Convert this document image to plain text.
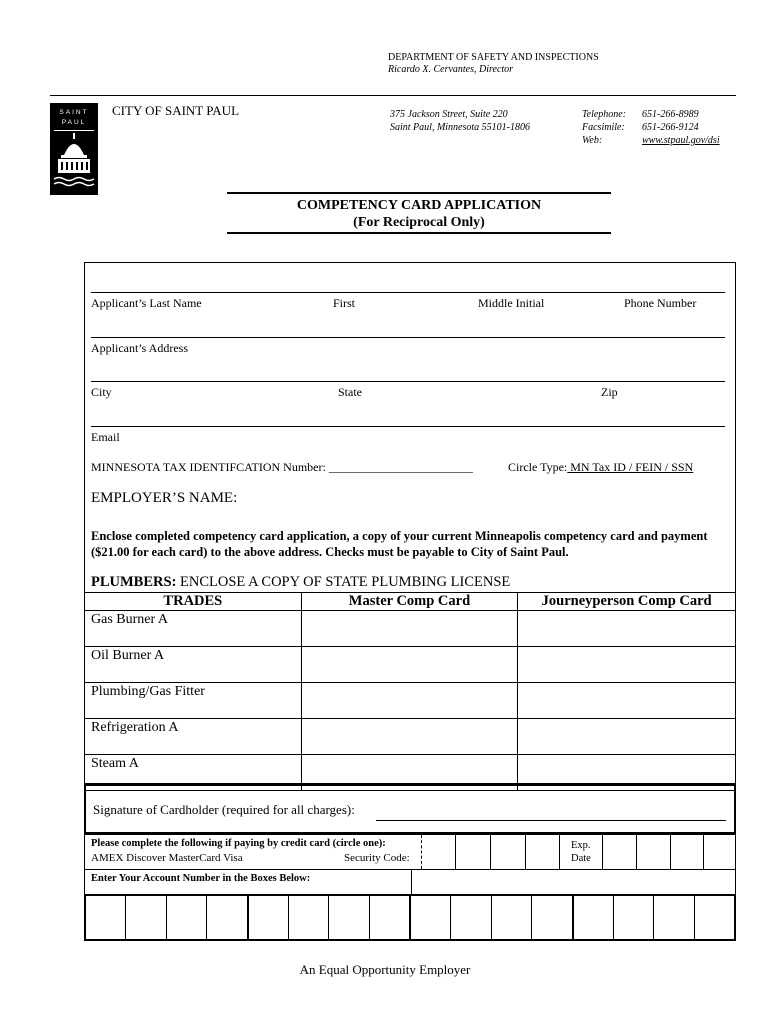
DEPARTMENT OF SAFETY AND INSPECTIONS
Ricardo X. Cervantes, Director
SAINT
PAUL
CITY OF SAINT PAUL	375 Jackson Street, Suite 220
Saint Paul, Minnesota 55101-1806
Telephone: 651-266-8989
Facsimile: 651-266-9124
Web:	www.stpaul.gov/dsi
COMPETENCY CARD APPLICATION
(For Reciprocal Only)
Applicant’s Last Name	First	Middle Initial	Phone Number
Applicant’s Address
City	State	Zip
Email
MINNESOTA TAX IDENTIFCATION Number: ________________________	Circle Type: MN Tax ID / FEIN / SSN
EMPLOYER’S NAME:
Enclose completed competency card application, a copy of your current Minneapolis competency card and payment ($21.00 for each card) to the above address. Checks must be payable to City of Saint Paul.
PLUMBERS: ENCLOSE A COPY OF STATE PLUMBING LICENSE
TRADES	Master Comp Card	Journeyperson Comp Card
Gas Burner A		
Oil Burner A		
Plumbing/Gas Fitter		
Refrigeration A		
Steam A		
Signature of Cardholder (required for all charges):
Please complete the following if paying by credit card (circle one):
AMEX Discover MasterCard Visa	Security Code:
Exp.
Date
Enter Your Account Number in the Boxes Below:
An Equal Opportunity Employer
